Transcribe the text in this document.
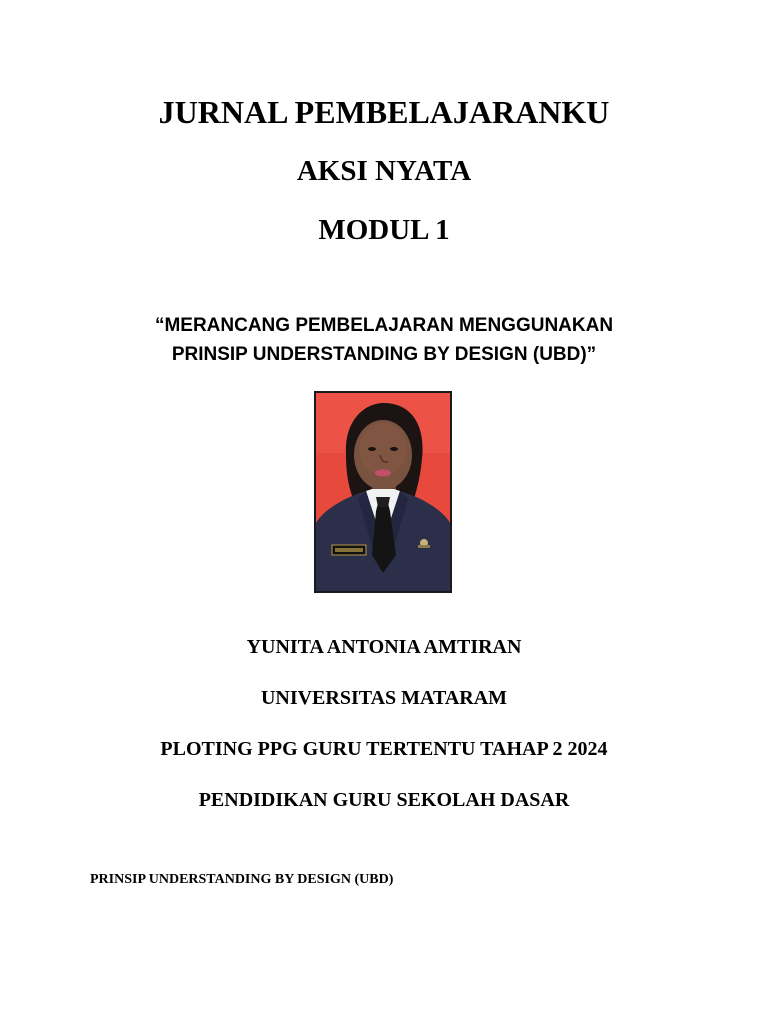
JURNAL PEMBELAJARANKU
AKSI NYATA
MODUL 1
“MERANCANG PEMBELAJARAN MENGGUNAKAN
PRINSIP UNDERSTANDING BY DESIGN (UBD)”
YUNITA ANTONIA AMTIRAN
UNIVERSITAS MATARAM
PLOTING PPG GURU TERTENTU TAHAP 2 2024
PENDIDIKAN GURU SEKOLAH DASAR
PRINSIP UNDERSTANDING BY DESIGN (UBD)
